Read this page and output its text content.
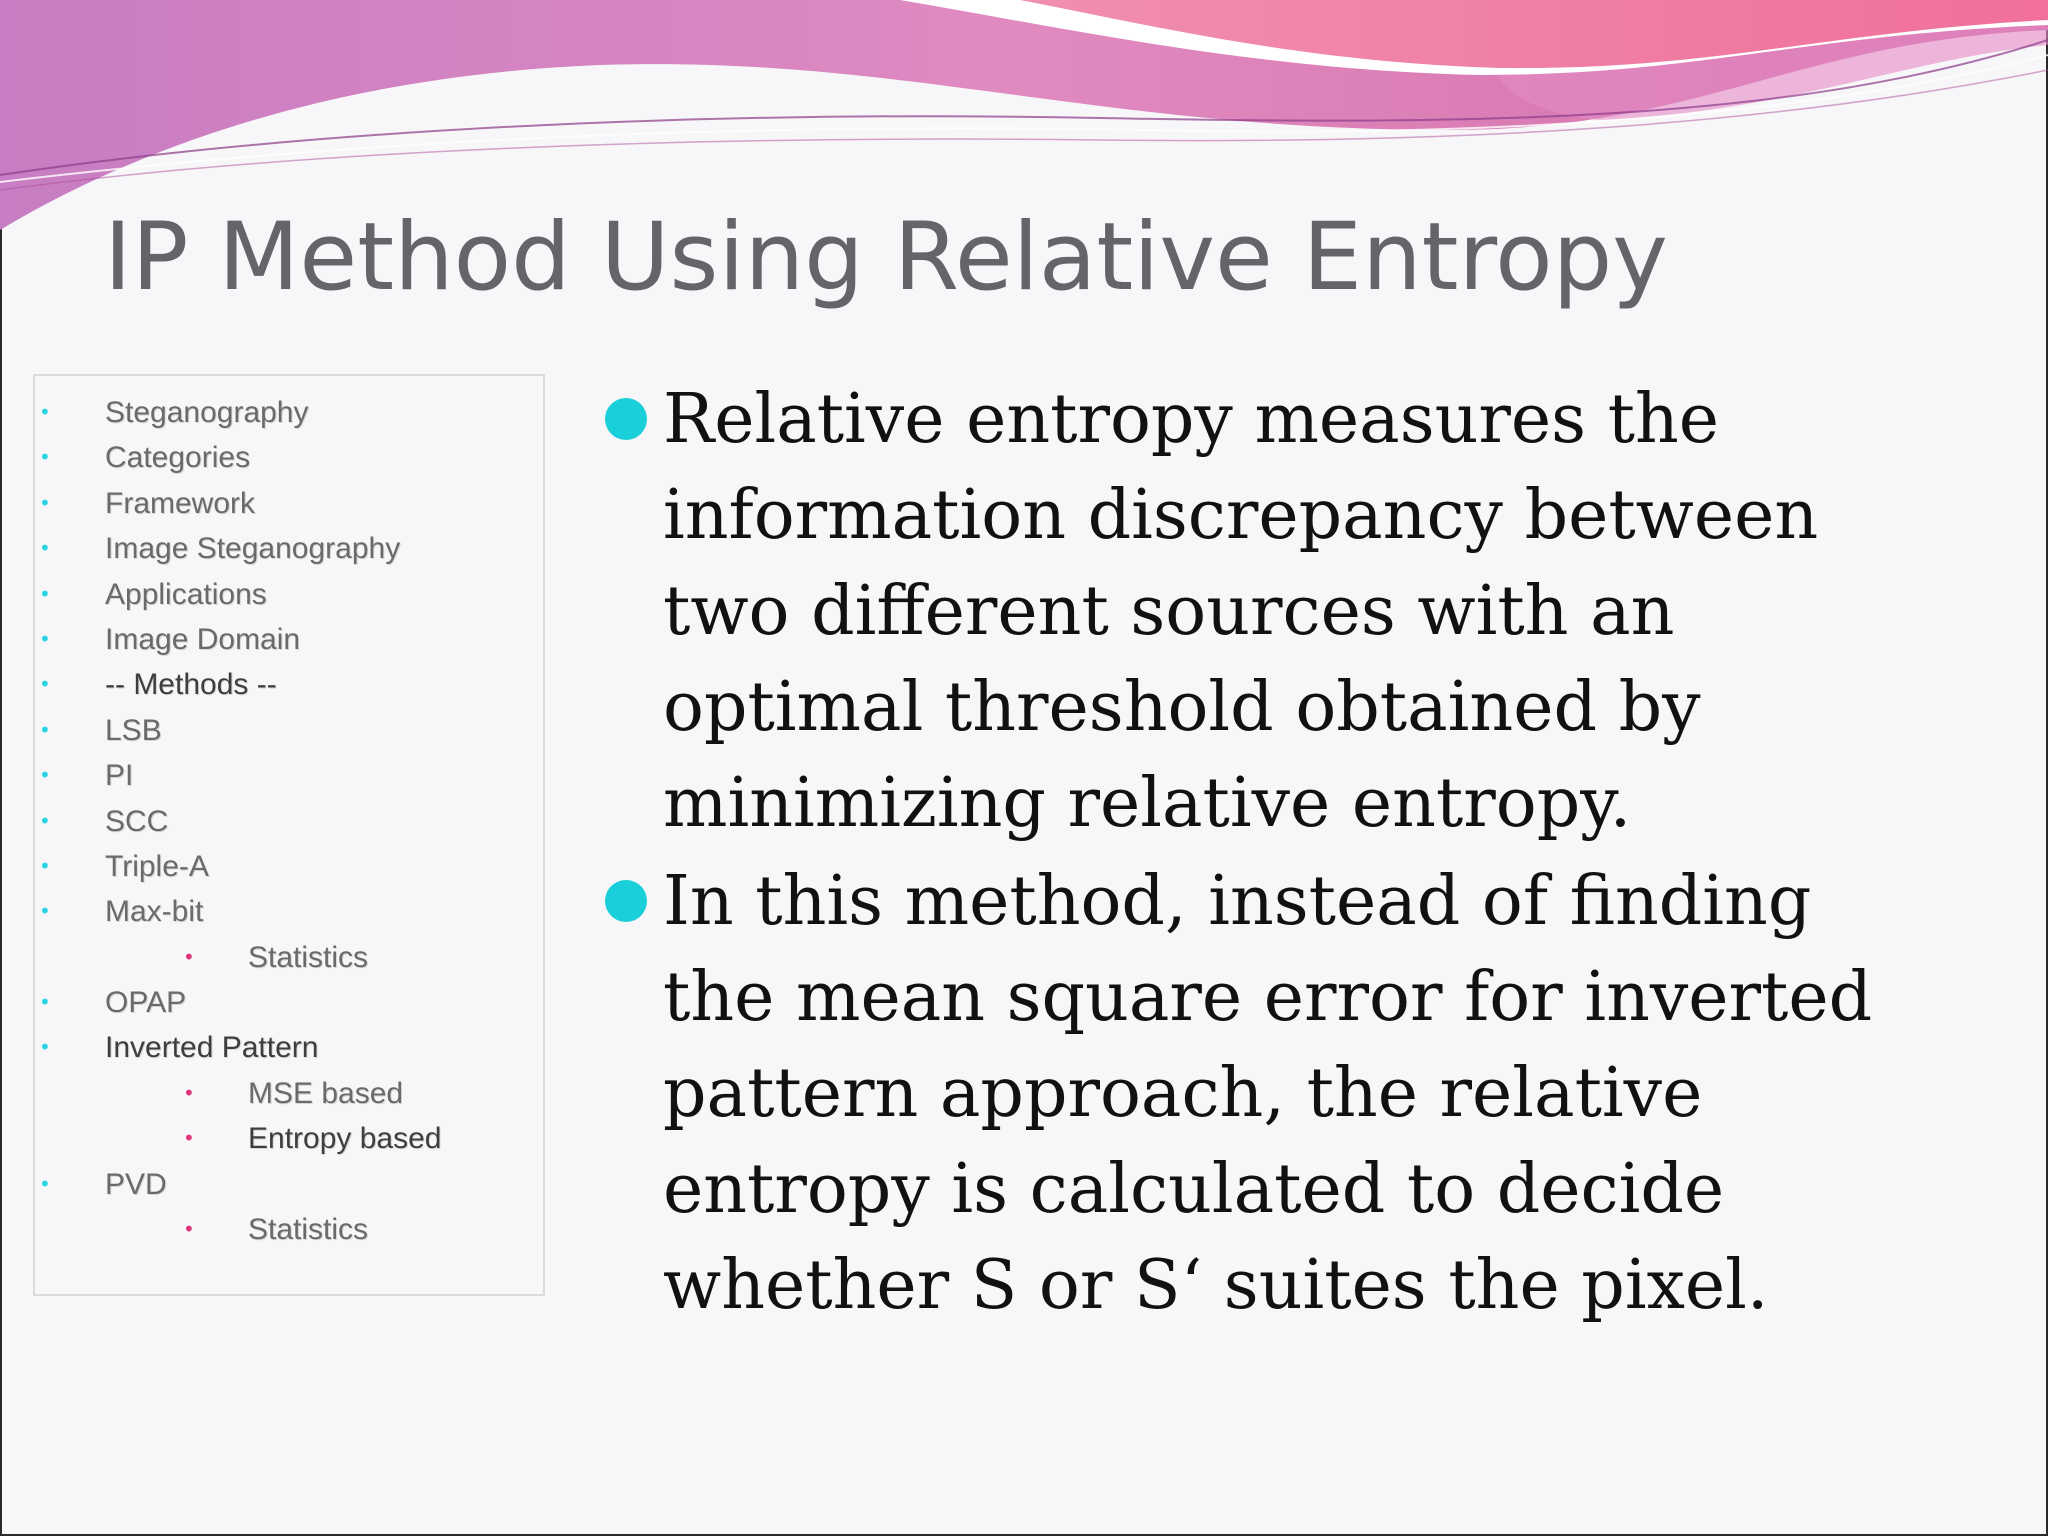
IP Method Using Relative Entropy
• Steganography
• Categories
• Framework
• Image Steganography
• Applications
• Image Domain
• -- Methods --
• LSB
• PI
• SCC
• Triple-A
• Max-bit
• Statistics
• OPAP
• Inverted Pattern
• MSE based
• Entropy based
• PVD
• Statistics
Relative entropy measures the
information discrepancy between
two different sources with an
optimal threshold obtained by
minimizing relative entropy.
In this method, instead of finding
the mean square error for inverted
pattern approach, the relative
entropy is calculated to decide
whether S or S‘ suites the pixel.
